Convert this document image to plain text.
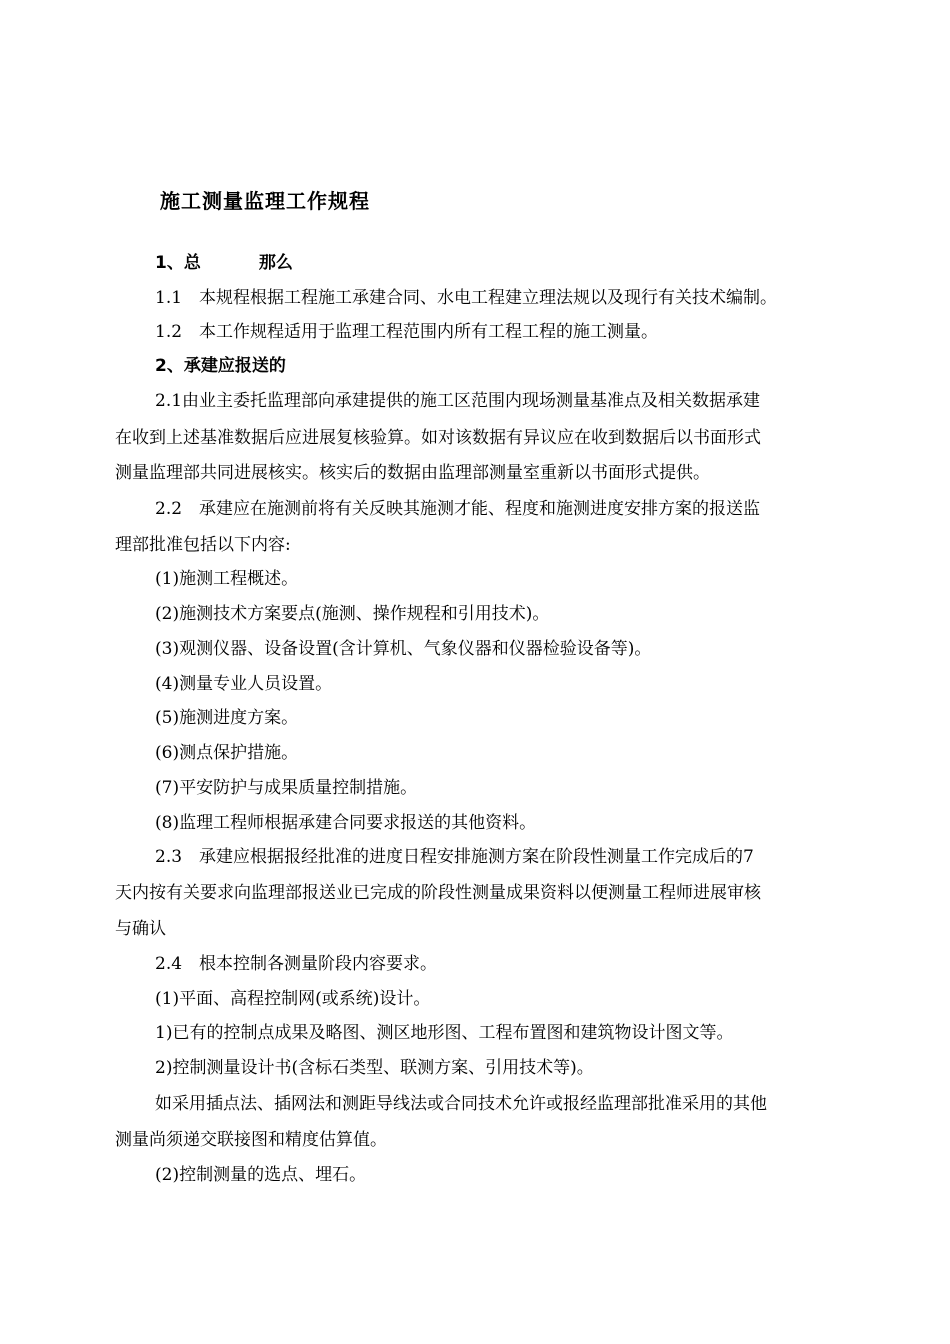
施工测量监理工作规程
1、总	那么
1.1　本规程根据工程施工承建合同、水电工程建立理法规以及现行有关技术编制。
1.2　本工作规程适用于监理工程范围内所有工程工程的施工测量。
2、承建应报送的
2.1由业主委托监理部向承建提供的施工区范围内现场测量基准点及相关数据承建
在收到上述基准数据后应进展复核验算。如对该数据有异议应在收到数据后以书面形式
测量监理部共同进展核实。核实后的数据由监理部测量室重新以书面形式提供。
2.2　承建应在施测前将有关反映其施测才能、程度和施测进度安排方案的报送监
理部批准包括以下内容:
(1)施测工程概述。
(2)施测技术方案要点(施测、操作规程和引用技术)。
(3)观测仪器、设备设置(含计算机、气象仪器和仪器检验设备等)。
(4)测量专业人员设置。
(5)施测进度方案。
(6)测点保护措施。
(7)平安防护与成果质量控制措施。
(8)监理工程师根据承建合同要求报送的其他资料。
2.3　承建应根据报经批准的进度日程安排施测方案在阶段性测量工作完成后的7
天内按有关要求向监理部报送业已完成的阶段性测量成果资料以便测量工程师进展审核
与确认
2.4　根本控制各测量阶段内容要求。
(1)平面、高程控制网(或系统)设计。
1)已有的控制点成果及略图、测区地形图、工程布置图和建筑物设计图文等。
2)控制测量设计书(含标石类型、联测方案、引用技术等)。
如采用插点法、插网法和测距导线法或合同技术允许或报经监理部批准采用的其他
测量尚须递交联接图和精度估算值。
(2)控制测量的选点、埋石。
